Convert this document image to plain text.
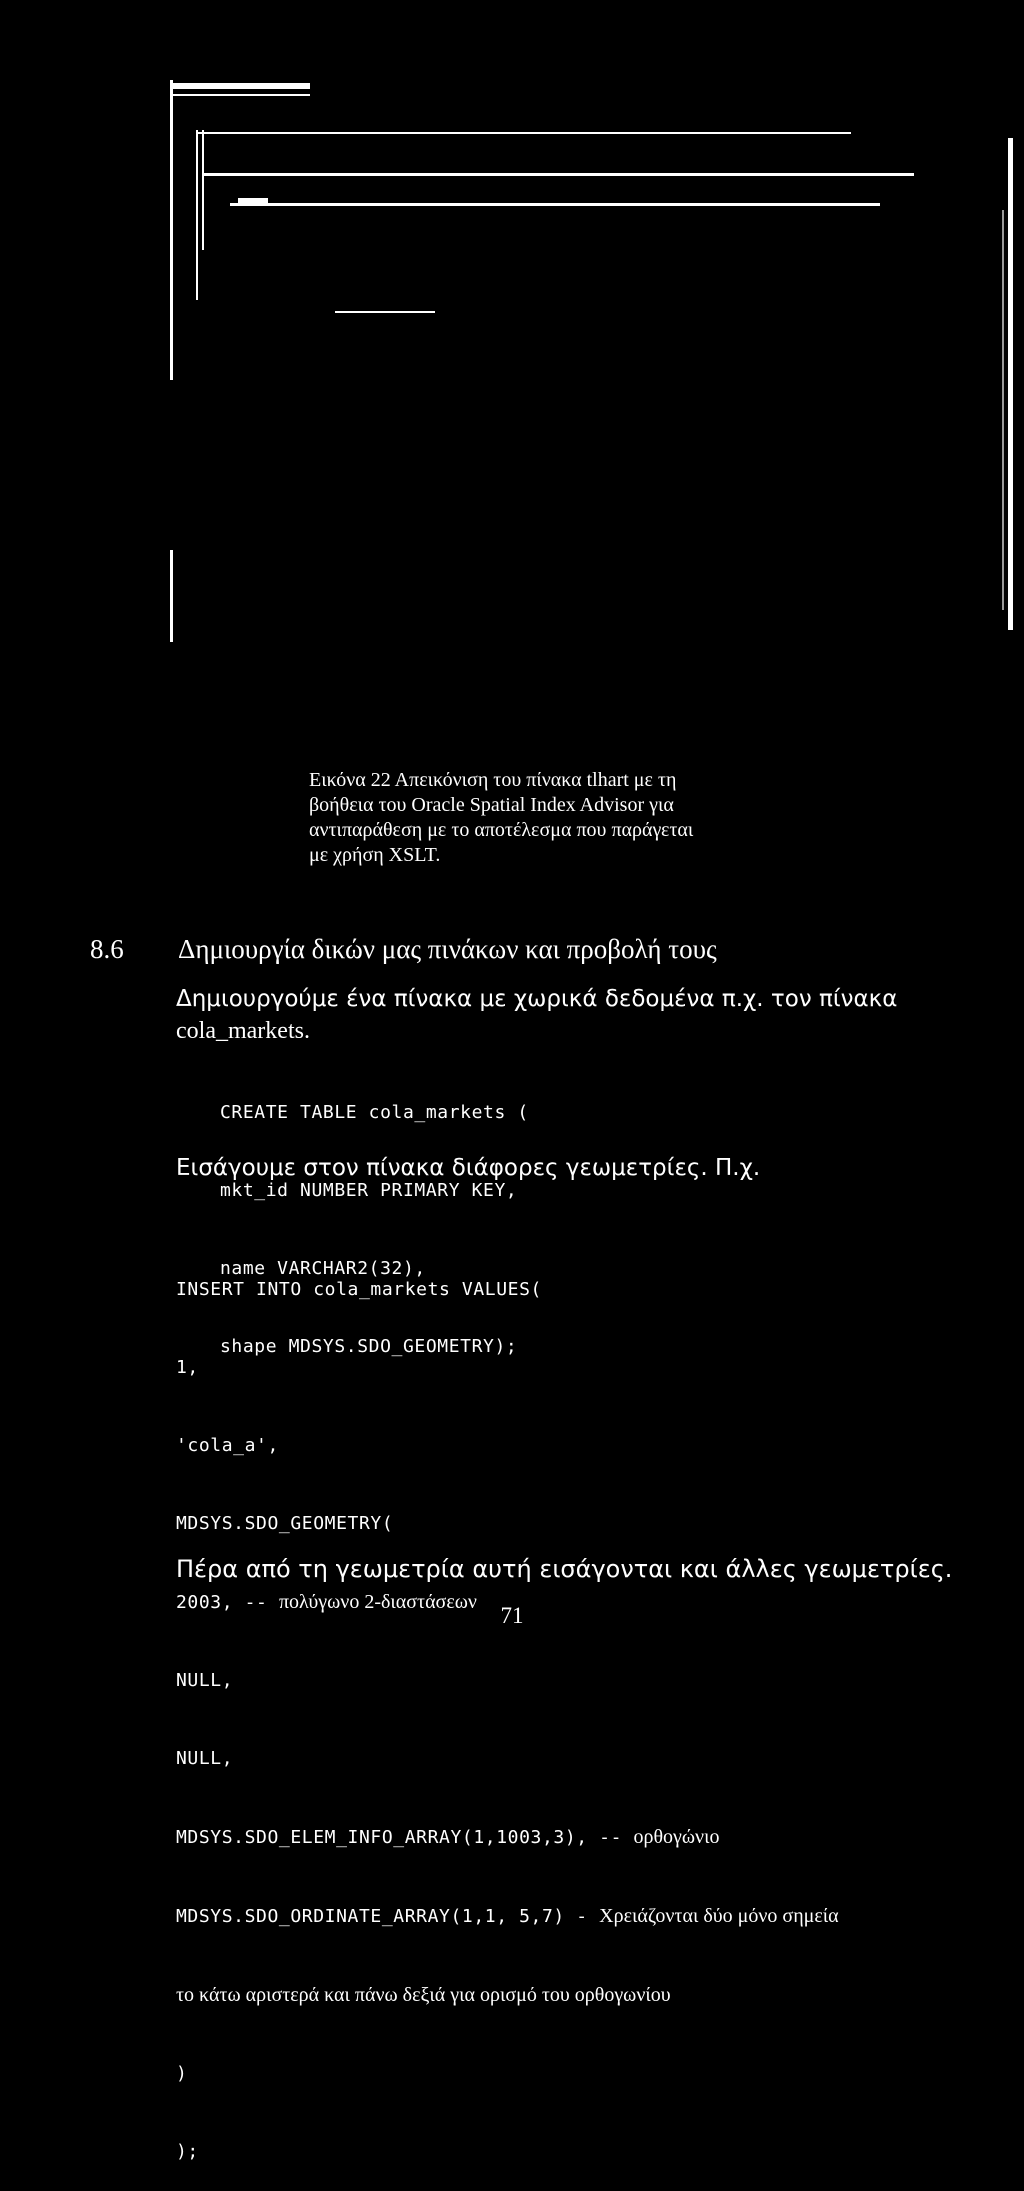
Εικόνα 22 Απεικόνιση του πίνακα tlhart με τη
βοήθεια του Oracle Spatial Index Advisor για
αντιπαράθεση με το αποτέλεσμα που παράγεται
με χρήση XSLT.
8.6 Δημιουργία δικών μας πινάκων και προβολή τους
Δημιουργούμε ένα πίνακα με χωρικά δεδομένα π.χ. τον πίνακα
cola_markets.

CREATE TABLE cola_markets (

mkt_id NUMBER PRIMARY KEY,

name VARCHAR2(32),

shape MDSYS.SDO_GEOMETRY);

Εισάγουμε στον πίνακα διάφορες γεωμετρίες. Π.χ.

INSERT INTO cola_markets VALUES(

1,

'cola_a',

MDSYS.SDO_GEOMETRY(

2003, -- πολύγωνο 2-διαστάσεων

NULL,

NULL,

MDSYS.SDO_ELEM_INFO_ARRAY(1,1003,3), -- ορθογώνιο

MDSYS.SDO_ORDINATE_ARRAY(1,1, 5,7) - Χρειάζονται δύο μόνο σημεία

το κάτω αριστερά και πάνω δεξιά για ορισμό του ορθογωνίου

)

);

Πέρα από τη γεωμετρία αυτή εισάγονται και άλλες γεωμετρίες.
71
